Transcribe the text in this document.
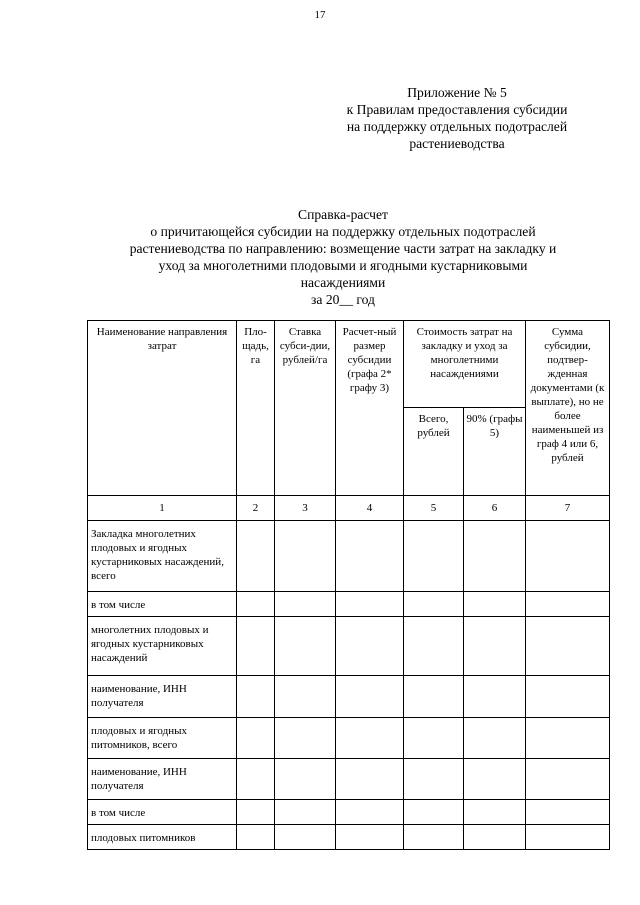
17
Приложение № 5
к Правилам предоставления субсидии
на поддержку отдельных подотраслей
растениеводства
Справка-расчет
о причитающейся субсидии на поддержку отдельных подотраслей
растениеводства по направлению: возмещение части затрат на закладку и
уход за многолетними плодовыми и ягодными кустарниковыми
насаждениями
за 20__ год
Наименование направления затрат	Пло-щадь, га	Ставка субси-дии, рублей/га	Расчет-ный размер субсидии (графа 2* графу 3)	Стоимость затрат на закладку и уход за многолетними насаждениями		Сумма субсидии, подтвер-жденная документами (к выплате), но не более наименьшей из граф 4 или 6, рублей
				Всего, рублей	90% (графы 5)	
1	2	3	4	5	6	7
Закладка многолетних плодовых и ягодных кустарниковых насаждений, всего						
в том числе						
многолетних плодовых и ягодных кустарниковых насаждений						
наименование, ИНН получателя						
плодовых и ягодных питомников, всего						
наименование, ИНН получателя						
в том числе						
плодовых питомников						
